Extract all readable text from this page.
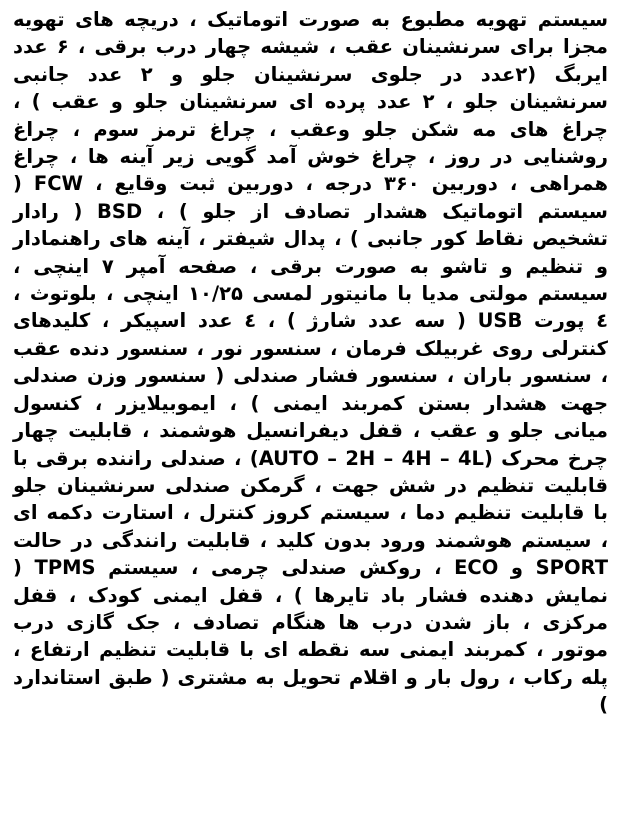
سیستم تهویه مطبوع به صورت اتوماتیک ، دریچه های تهویه مجزا برای سرنشینان عقب ، شیشه چهار درب برقی ، ۶ عدد ایربگ (۲عدد در جلوی سرنشینان جلو و ۲ عدد جانبی سرنشینان جلو ، ۲ عدد پرده ای سرنشینان جلو و عقب ) ، چراغ های مه شکن جلو وعقب ، چراغ ترمز سوم ، چراغ روشنایی در روز ، چراغ خوش آمد گویی زیر آینه ها ، چراغ همراهی ، دوربین ۳۶۰ درجه ، دوربین ثبت وقایع ، FCW ( سیستم اتوماتیک هشدار تصادف از جلو ) ، BSD ( رادار تشخیص نقاط کور جانبی ) ، پدال شیفتر ، آینه های راهنمادار و تنظیم و تاشو به صورت برقی ، صفحه آمپر ۷ اینچی ، سیستم مولتی مدیا با مانیتور لمسی ۱۰/۲۵ اینچی ، بلوتوث ، ٤ پورت USB ( سه عدد شارژ ) ، ٤ عدد اسپیکر ، کلیدهای کنترلی روی غربیلک فرمان ، سنسور نور ، سنسور دنده عقب ، سنسور باران ، سنسور فشار صندلی ( سنسور وزن صندلی جهت هشدار بستن کمربند ایمنی ) ، ایموبیلایزر ، کنسول میانی جلو و عقب ، قفل دیفرانسیل هوشمند ، قابلیت چهار چرخ محرک (AUTO – 2H – 4H – 4L) ، صندلی راننده برقی با قابلیت تنظیم در شش جهت ، گرمکن صندلی سرنشینان جلو با قابلیت تنظیم دما ، سیستم کروز کنترل ، استارت دکمه ای ، سیستم هوشمند ورود بدون کلید ، قابلیت رانندگی در حالت SPORT و ECO ، روکش صندلی چرمی ، سیستم TPMS ( نمایش دهنده فشار باد تایرها ) ، قفل ایمنی کودک ، قفل مرکزی ، باز شدن درب ها هنگام تصادف ، جک گازی درب موتور ، کمربند ایمنی سه نقطه ای با قابلیت تنظیم ارتفاع ، پله رکاب ، رول بار و اقلام تحویل به مشتری ( طبق استاندارد )
